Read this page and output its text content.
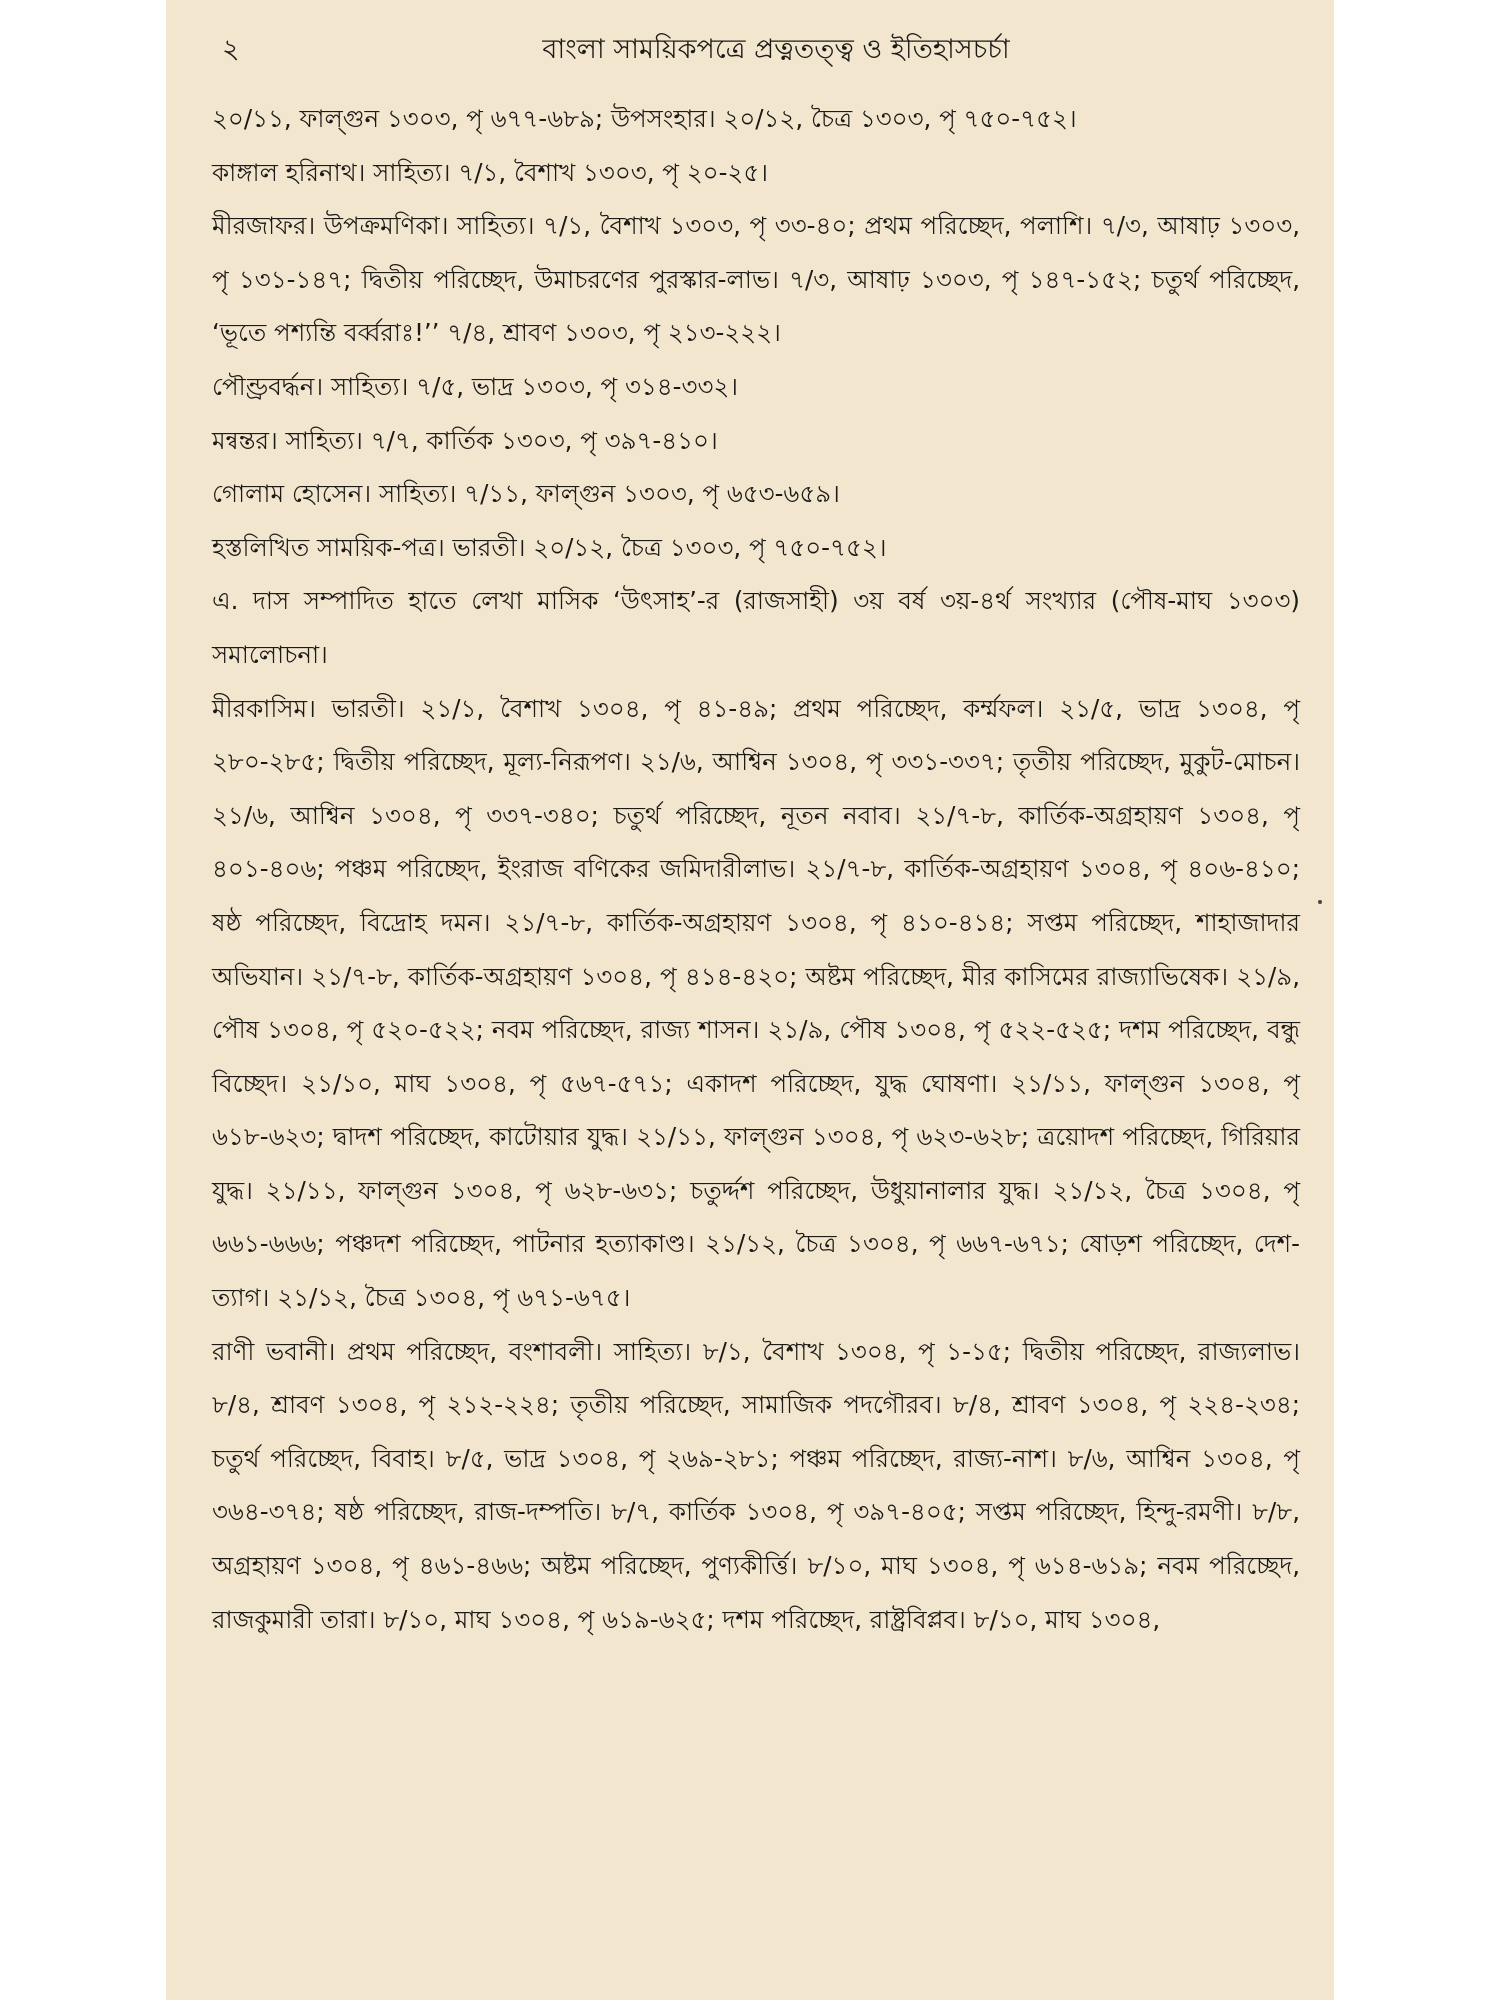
২	বাংলা সাময়িকপত্রে প্রত্নতত্ত্ব ও ইতিহাসচর্চা

২০/১১, ফাল্গুন ১৩০৩, পৃ ৬৭৭-৬৮৯; উপসংহার। ২০/১২, চৈত্র ১৩০৩, পৃ ৭৫০-৭৫২।

কাঙ্গাল হরিনাথ। সাহিত্য। ৭/১, বৈশাখ ১৩০৩, পৃ ২০-২৫।

মীরজাফর। উপক্রমণিকা। সাহিত্য। ৭/১, বৈশাখ ১৩০৩, পৃ ৩৩-৪০; প্রথম পরিচ্ছেদ, পলাশি। ৭/৩, আষাঢ় ১৩০৩, পৃ ১৩১-১৪৭; দ্বিতীয় পরিচ্ছেদ, উমাচরণের পুরস্কার-লাভ। ৭/৩, আষাঢ় ১৩০৩, পৃ ১৪৭-১৫২; চতুর্থ পরিচ্ছেদ, ‘ভূতে পশ্যন্তি বর্ব্বরাঃ!’’ ৭/৪, শ্রাবণ ১৩০৩, পৃ ২১৩-২২২।

পৌণ্ড্রবর্দ্ধন। সাহিত্য। ৭/৫, ভাদ্র ১৩০৩, পৃ ৩১৪-৩৩২।

মন্বন্তর। সাহিত্য। ৭/৭, কার্তিক ১৩০৩, পৃ ৩৯৭-৪১০।

গোলাম হোসেন। সাহিত্য। ৭/১১, ফাল্গুন ১৩০৩, পৃ ৬৫৩-৬৫৯।

হস্তলিখিত সাময়িক-পত্র। ভারতী। ২০/১২, চৈত্র ১৩০৩, পৃ ৭৫০-৭৫২।

এ. দাস সম্পাদিত হাতে লেখা মাসিক ‘উৎসাহ’-র (রাজসাহী) ৩য় বর্ষ ৩য়-৪র্থ সংখ্যার (পৌষ-মাঘ ১৩০৩) সমালোচনা।

মীরকাসিম। ভারতী। ২১/১, বৈশাখ ১৩০৪, পৃ ৪১-৪৯; প্রথম পরিচ্ছেদ, কর্ম্মফল। ২১/৫, ভাদ্র ১৩০৪, পৃ ২৮০-২৮৫; দ্বিতীয় পরিচ্ছেদ, মূল্য-নিরূপণ। ২১/৬, আশ্বিন ১৩০৪, পৃ ৩৩১-৩৩৭; তৃতীয় পরিচ্ছেদ, মুকুট-মোচন। ২১/৬, আশ্বিন ১৩০৪, পৃ ৩৩৭-৩৪০; চতুর্থ পরিচ্ছেদ, নূতন নবাব। ২১/৭-৮, কার্তিক-অগ্রহায়ণ ১৩০৪, পৃ ৪০১-৪০৬; পঞ্চম পরিচ্ছেদ, ইংরাজ বণিকের জমিদারীলাভ। ২১/৭-৮, কার্তিক-অগ্রহায়ণ ১৩০৪, পৃ ৪০৬-৪১০; ষষ্ঠ পরিচ্ছেদ, বিদ্রোহ দমন। ২১/৭-৮, কার্তিক-অগ্রহায়ণ ১৩০৪, পৃ ৪১০-৪১৪; সপ্তম পরিচ্ছেদ, শাহাজাদার অভিযান। ২১/৭-৮, কার্তিক-অগ্রহায়ণ ১৩০৪, পৃ ৪১৪-৪২০; অষ্টম পরিচ্ছেদ, মীর কাসিমের রাজ্যাভিষেক। ২১/৯, পৌষ ১৩০৪, পৃ ৫২০-৫২২; নবম পরিচ্ছেদ, রাজ্য শাসন। ২১/৯, পৌষ ১৩০৪, পৃ ৫২২-৫২৫; দশম পরিচ্ছেদ, বন্ধু বিচ্ছেদ। ২১/১০, মাঘ ১৩০৪, পৃ ৫৬৭-৫৭১; একাদশ পরিচ্ছেদ, যুদ্ধ ঘোষণা। ২১/১১, ফাল্গুন ১৩০৪, পৃ ৬১৮-৬২৩; দ্বাদশ পরিচ্ছেদ, কাটোয়ার যুদ্ধ। ২১/১১, ফাল্গুন ১৩০৪, পৃ ৬২৩-৬২৮; ত্রয়োদশ পরিচ্ছেদ, গিরিয়ার যুদ্ধ। ২১/১১, ফাল্গুন ১৩০৪, পৃ ৬২৮-৬৩১; চতুর্দ্দশ পরিচ্ছেদ, উধুয়ানালার যুদ্ধ। ২১/১২, চৈত্র ১৩০৪, পৃ ৬৬১-৬৬৬; পঞ্চদশ পরিচ্ছেদ, পাটনার হত্যাকাণ্ড। ২১/১২, চৈত্র ১৩০৪, পৃ ৬৬৭-৬৭১; ষোড়শ পরিচ্ছেদ, দেশ-ত্যাগ। ২১/১২, চৈত্র ১৩০৪, পৃ ৬৭১-৬৭৫।

রাণী ভবানী। প্রথম পরিচ্ছেদ, বংশাবলী। সাহিত্য। ৮/১, বৈশাখ ১৩০৪, পৃ ১-১৫; দ্বিতীয় পরিচ্ছেদ, রাজ্যলাভ। ৮/৪, শ্রাবণ ১৩০৪, পৃ ২১২-২২৪; তৃতীয় পরিচ্ছেদ, সামাজিক পদগৌরব। ৮/৪, শ্রাবণ ১৩০৪, পৃ ২২৪-২৩৪; চতুর্থ পরিচ্ছেদ, বিবাহ। ৮/৫, ভাদ্র ১৩০৪, পৃ ২৬৯-২৮১; পঞ্চম পরিচ্ছেদ, রাজ্য-নাশ। ৮/৬, আশ্বিন ১৩০৪, পৃ ৩৬৪-৩৭৪; ষষ্ঠ পরিচ্ছেদ, রাজ-দম্পতি। ৮/৭, কার্তিক ১৩০৪, পৃ ৩৯৭-৪০৫; সপ্তম পরিচ্ছেদ, হিন্দু-রমণী। ৮/৮, অগ্রহায়ণ ১৩০৪, পৃ ৪৬১-৪৬৬; অষ্টম পরিচ্ছেদ, পুণ্যকীর্ত্তি। ৮/১০, মাঘ ১৩০৪, পৃ ৬১৪-৬১৯; নবম পরিচ্ছেদ, রাজকুমারী তারা। ৮/১০, মাঘ ১৩০৪, পৃ ৬১৯-৬২৫; দশম পরিচ্ছেদ, রাষ্ট্রবিপ্লব। ৮/১০, মাঘ ১৩০৪,
